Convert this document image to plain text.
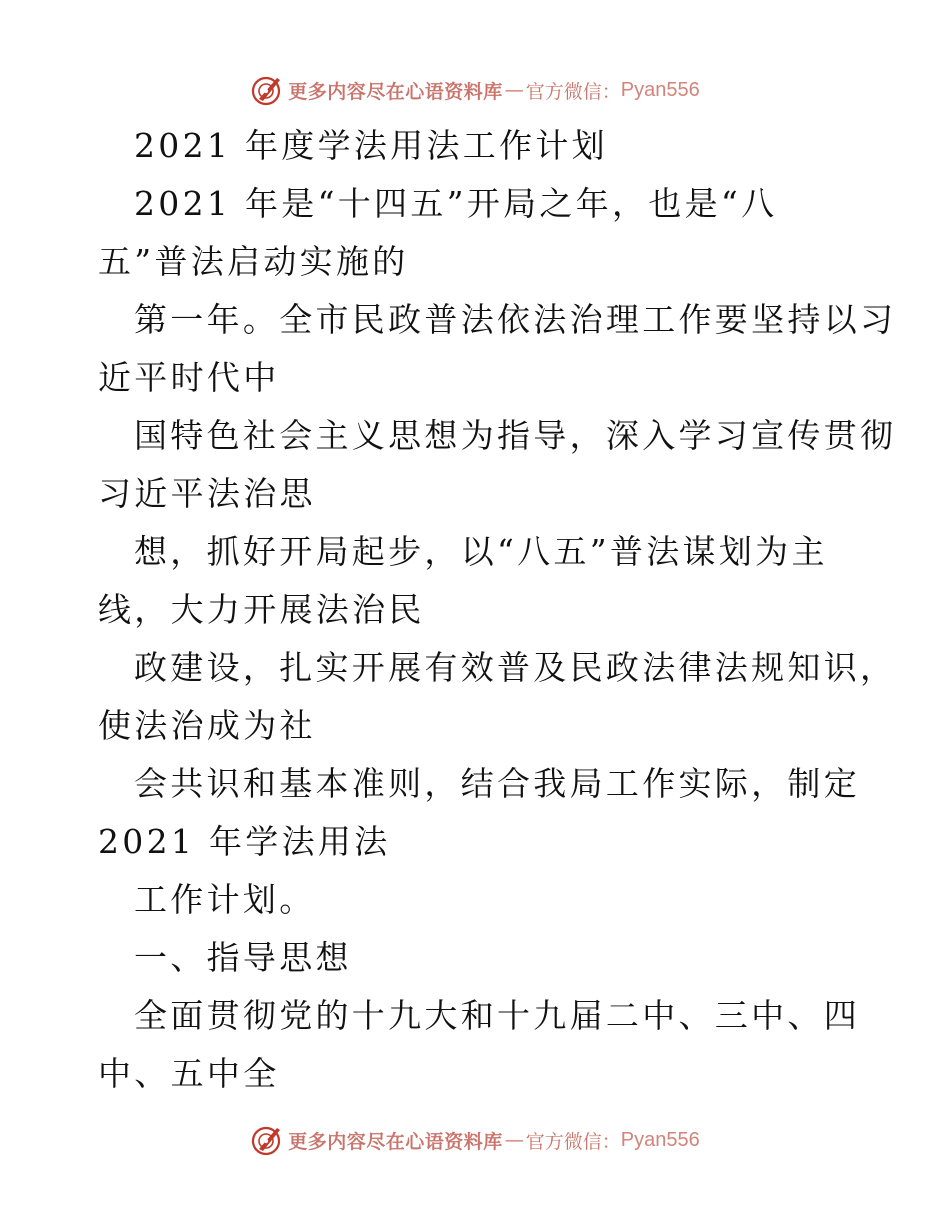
更多内容尽在心语资料库 — 官方微信： Pyan556
2021 年度学法用法工作计划
2021 年是“十四五”开局之年，也是“八
五”普法启动实施的
第一年。全市民政普法依法治理工作要坚持以习
近平时代中
国特色社会主义思想为指导，深入学习宣传贯彻
习近平法治思
想，抓好开局起步，以“八五”普法谋划为主
线，大力开展法治民
政建设，扎实开展有效普及民政法律法规知识，
使法治成为社
会共识和基本准则，结合我局工作实际，制定
2021 年学法用法
工作计划。
一、指导思想
全面贯彻党的十九大和十九届二中、三中、四
中、五中全
更多内容尽在心语资料库 — 官方微信： Pyan556
